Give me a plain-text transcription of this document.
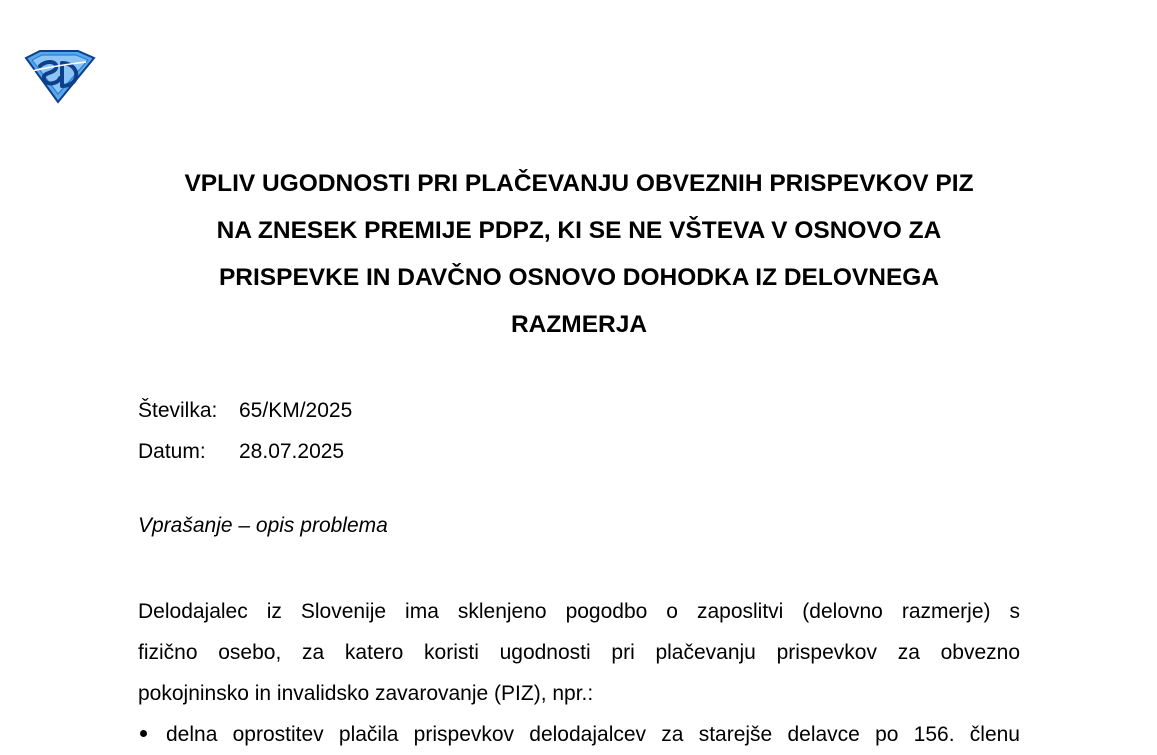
VPLIV UGODNOSTI PRI PLAČEVANJU OBVEZNIH PRISPEVKOV PIZ
NA ZNESEK PREMIJE PDPZ, KI SE NE VŠTEVA V OSNOVO ZA
PRISPEVKE IN DAVČNO OSNOVO DOHODKA IZ DELOVNEGA
RAZMERJA
Številka:	65/KM/2025
Datum:	28.07.2025
Vprašanje – opis problema
Delodajalec iz Slovenije ima sklenjeno pogodbo o zaposlitvi (delovno razmerje) s
fizično osebo, za katero koristi ugodnosti pri plačevanju prispevkov za obvezno
pokojninsko in invalidsko zavarovanje (PIZ), npr.:
delna oprostitev plačila prispevkov delodajalcev za starejše delavce po 156. členu
